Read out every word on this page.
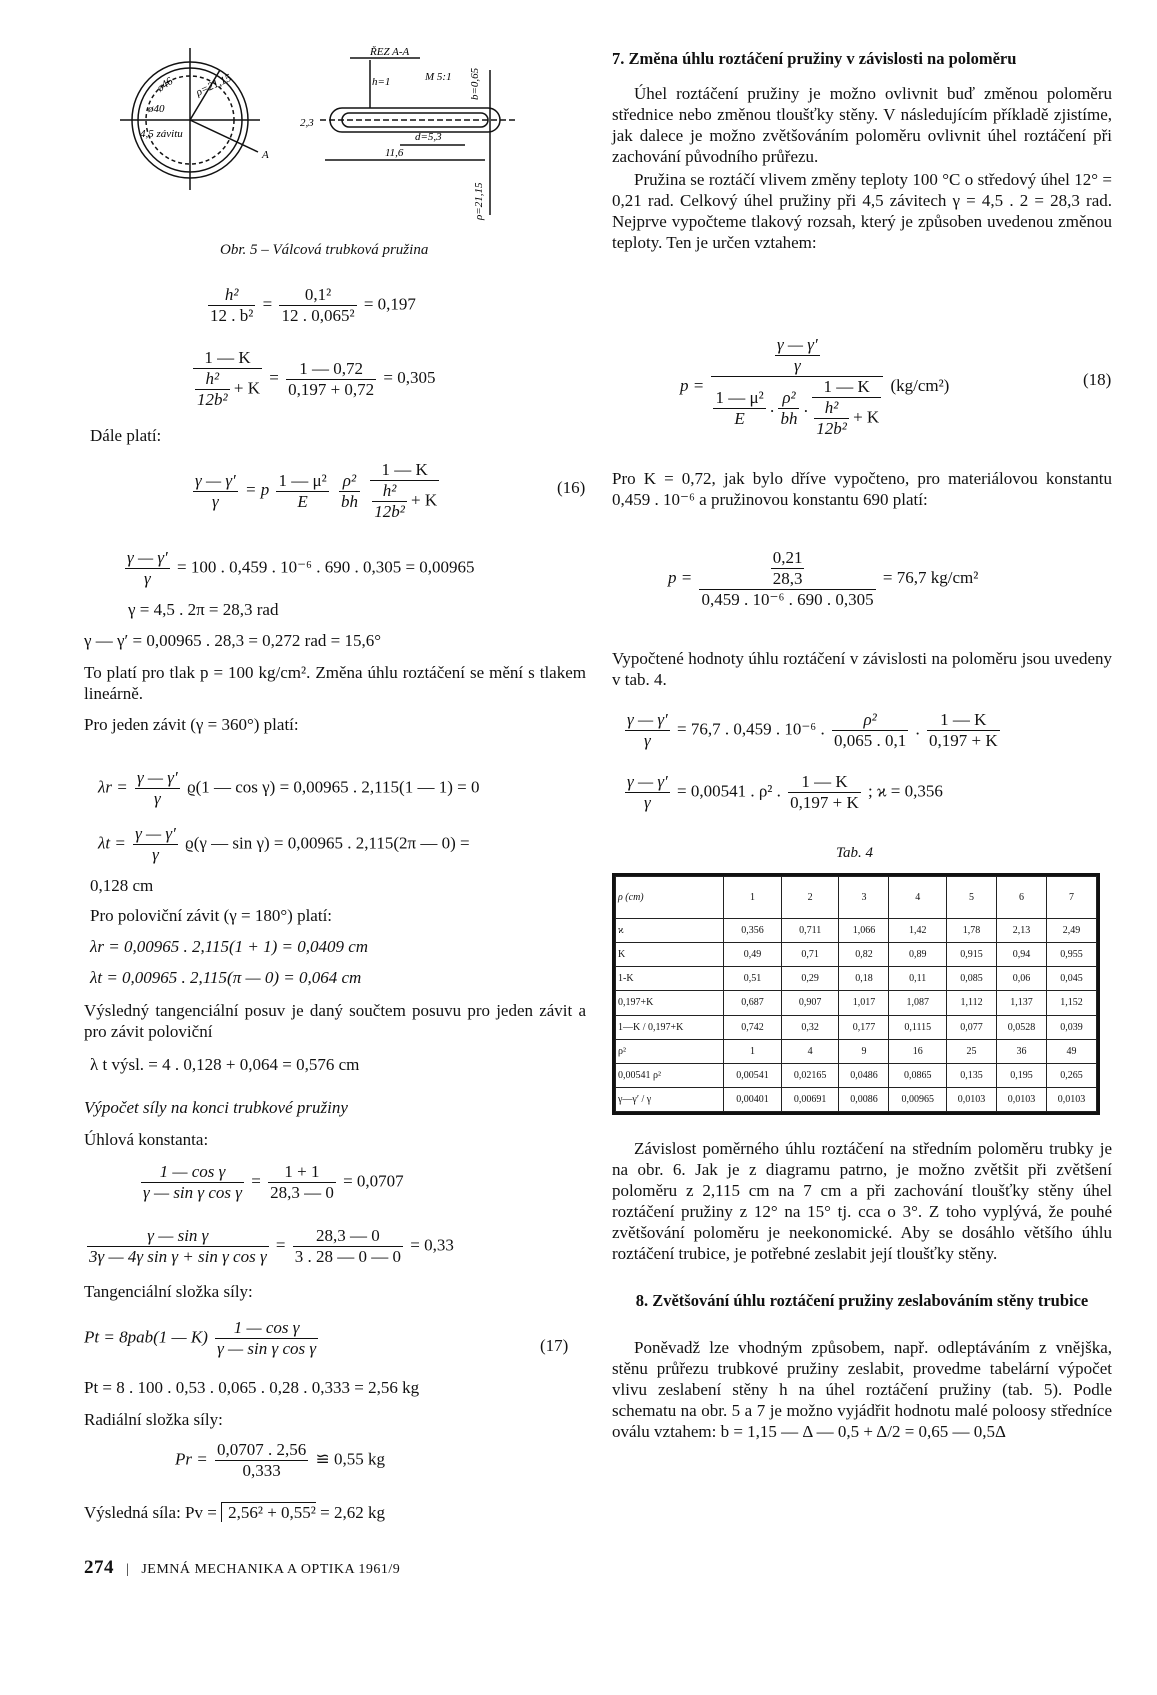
ø46
ø40
ρ=21,15
4,5 závitu
A
ŘEZ A-A
M 5:1
2,3
d=5,3
11,6
h=1	b=0,65
ρ=21,15
Obr. 5 – Válcová trubková pružina
$\frac{\text{h²}}{\text{12 . b²}} = \frac{\text{0,1²}}{\text{12 . 0,065²}} = 0,197$
$\frac{1 — K}{\frac{\text{h²}}{\text{12b²}} + K} = \frac{1 — 0,72}{0,197 + 0,72} = 0,305$
Dále platí:
$\frac{\gamma — \gamma'}{\gamma} = p \frac{\text{1 — μ²}}{E}$
$\frac{\text{ρ²}}{bh}$
$\frac{1 — K}{\frac{\text{h²}}{\text{12b²}} + K}$	(16)
$\frac{\gamma — \gamma'}{\gamma} = 100$ . 0,459 . 10⁻⁶ . 690 . 0,305 = 0,00965
γ = 4,5 . 2π = 28,3 rad
γ — γ′ = 0,00965 . 28,3 = 0,272 rad = 15,6°

To platí pro tlak p = 100 kg/cm². Změna úhlu roztáčení se mění s tlakem lineárně.

Pro jeden závit (γ = 360°) platí:

$\lambda r = \frac{\gamma — \gamma'}{\gamma} ϱ(1$ — cos γ) = 0,00965 . 2,115(1 — 1) = 0
$\lambda t = \frac{\gamma — \gamma'}{\gamma} ϱ(\gamma$ — sin γ) = 0,00965 . 2,115(2π — 0) =
0,128 cm
Pro poloviční závit (γ = 180°) platí:
λr = 0,00965 . 2,115(1 + 1) = 0,0409 cm
λt = 0,00965 . 2,115(π — 0) = 0,064 cm
Výsledný tangenciální posuv je daný součtem posuvu pro jeden závit a pro závit poloviční
λ t výsl. = 4 . 0,128 + 0,064 = 0,576 cm
Výpočet síly na konci trubkové pružiny
Úhlová konstanta:
$\frac{\text{1 — cos γ}}{\text{γ — sin γ cos γ}} = \frac{1 + 1}{28,3 — 0} = 0,0707$
$\frac{\text{γ — sin γ}}{\text{3γ — 4γ sin γ + sin γ cos γ}} = \frac{28,3 — 0}{3 . 28 — 0 — 0} = 0,33$
Tangenciální složka síly:
Pt = 8pab(1 — $K) \frac{\text{1 — cos γ}}{\text{γ — sin γ cos γ}}$	(17)
Pt = 8 . 100 . 0,53 . 0,065 . 0,28 . 0,333 = 2,56 kg
Radiální složka síly:
$Pr = \frac{0,0707 . 2,56}{0,333}$ ≌ 0,55 kg
Výsledná síla: Pv = 2,56² + 0,55² = 2,62 kg
7. Změna úhlu roztáčení pružiny v závislosti na poloměru

Úhel roztáčení pružiny je možno ovlivnit buď změnou poloměru střednice nebo změnou tloušťky stěny. V následujícím příkladě zjistíme, jak dalece je možno zvětšováním poloměru ovlivnit úhel roztáčení při zachování původního průřezu.

Pružina se roztáčí vlivem změny teploty 100 °C o středový úhel 12° = 0,21 rad. Celkový úhel pružiny při 4,5 závitech γ = 4,5 . 2 = 28,3 rad. Nejprve vypočteme tlakový rozsah, který je způsoben uvedenou změnou teploty. Ten je určen vztahem:

$p = \frac{\frac{\gamma — \gamma'}{\gamma}}{\frac{\text{1 — μ²}}{E} . \frac{\text{ρ²}}{bh} . \frac{1 — K}{\frac{\text{h²}}{\text{12b²}} + K}} (kg/cm^2)$	(18)
Pro K = 0,72, jak bylo dříve vypočteno, pro materiálovou konstantu 0,459 . 10⁻⁶ a pružinovou konstantu 690 platí:
$p = \frac{\frac{0,21}{28,3}}{\text{0,459 . 10⁻⁶ . 690 . 0,305}} = 76,7$ kg/cm²
Vypočtené hodnoty úhlu roztáčení v závislosti na poloměru jsou uvedeny v tab. 4.
$\frac{\gamma — \gamma'}{\gamma} = 76,7$ . 0,459 . 10⁻⁶ . $\frac{\text{ρ²}}{0,065 . 0,1}$ . $\frac{1 — K}{0,197 + K}$
$\frac{\gamma — \gamma'}{\gamma} = 0,00541$ . ρ² . $\frac{1 — K}{0,197 + K}$ ; ϰ = 0,356
Tab. 4
ρ (cm)	1	2	3	4	5	6	7
ϰ	0,356	0,711	1,066	1,42	1,78	2,13	2,49
K	0,49	0,71	0,82	0,89	0,915	0,94	0,955
1-K	0,51	0,29	0,18	0,11	0,085	0,06	0,045
0,197+K	0,687	0,907	1,017	1,087	1,112	1,137	1,152
1—K / 0,197+K	0,742	0,32	0,177	0,1115	0,077	0,0528	0,039
ρ²	1	4	9	16	25	36	49
0,00541 ρ²	0,00541	0,02165	0,0486	0,0865	0,135	0,195	0,265
γ—γ′ / γ	0,00401	0,00691	0,0086	0,00965	0,0103	0,0103	0,0103

Závislost poměrného úhlu roztáčení na středním poloměru trubky je na obr. 6. Jak je z diagramu patrno, je možno zvětšit při zvětšení poloměru z 2,115 cm na 7 cm a při zachování tloušťky stěny úhel roztáčení pružiny z 12° na 15° tj. cca o 3°. Z toho vyplývá, že pouhé zvětšování poloměru je neekonomické. Aby se dosáhlo většího úhlu roztáčení trubice, je potřebné zeslabit její tloušťky stěny.

8. Zvětšování úhlu roztáčení pružiny zeslabováním stěny trubice

Poněvadž lze vhodným způsobem, např. odleptáváním z vnějška, stěnu průřezu trubkové pružiny zeslabit, provedme tabelární výpočet vlivu zeslabení stěny h na úhel roztáčení pružiny (tab. 5). Podle schematu na obr. 5 a 7 je možno vyjádřit hodnotu malé poloosy středníce oválu vztahem: b = 1,15 — Δ — 0,5 + Δ/2 = 0,65 — 0,5Δ

274 | JEMNÁ MECHANIKA A OPTIKA 1961/9
